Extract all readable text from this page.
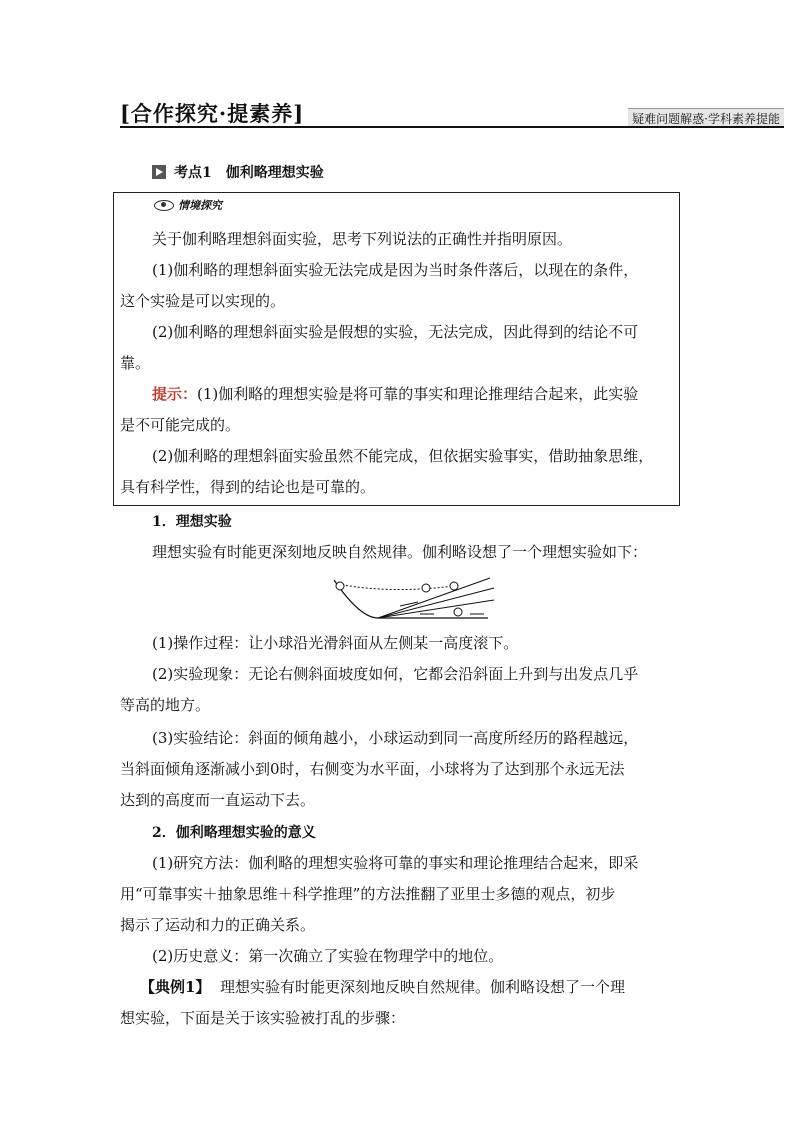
[合作探究·提素养]	疑难问题解惑·学科素养提能
考点1　伽利略理想实验
情境探究
关于伽利略理想斜面实验，思考下列说法的正确性并指明原因。
(1)伽利略的理想斜面实验无法完成是因为当时条件落后，以现在的条件，
这个实验是可以实现的。
(2)伽利略的理想斜面实验是假想的实验，无法完成，因此得到的结论不可
靠。
提示：(1)伽利略的理想实验是将可靠的事实和理论推理结合起来，此实验
是不可能完成的。
(2)伽利略的理想斜面实验虽然不能完成，但依据实验事实，借助抽象思维，
具有科学性，得到的结论也是可靠的。
1．理想实验
理想实验有时能更深刻地反映自然规律。伽利略设想了一个理想实验如下：
(1)操作过程：让小球沿光滑斜面从左侧某一高度滚下。
(2)实验现象：无论右侧斜面坡度如何，它都会沿斜面上升到与出发点几乎
等高的地方。
(3)实验结论：斜面的倾角越小，小球运动到同一高度所经历的路程越远，
当斜面倾角逐渐减小到0时，右侧变为水平面，小球将为了达到那个永远无法
达到的高度而一直运动下去。
2．伽利略理想实验的意义
(1)研究方法：伽利略的理想实验将可靠的事实和理论推理结合起来，即采
用“可靠事实＋抽象思维＋科学推理”的方法推翻了亚里士多德的观点，初步
揭示了运动和力的正确关系。
(2)历史意义：第一次确立了实验在物理学中的地位。
【典例1】 理想实验有时能更深刻地反映自然规律。伽利略设想了一个理
想实验，下面是关于该实验被打乱的步骤：
